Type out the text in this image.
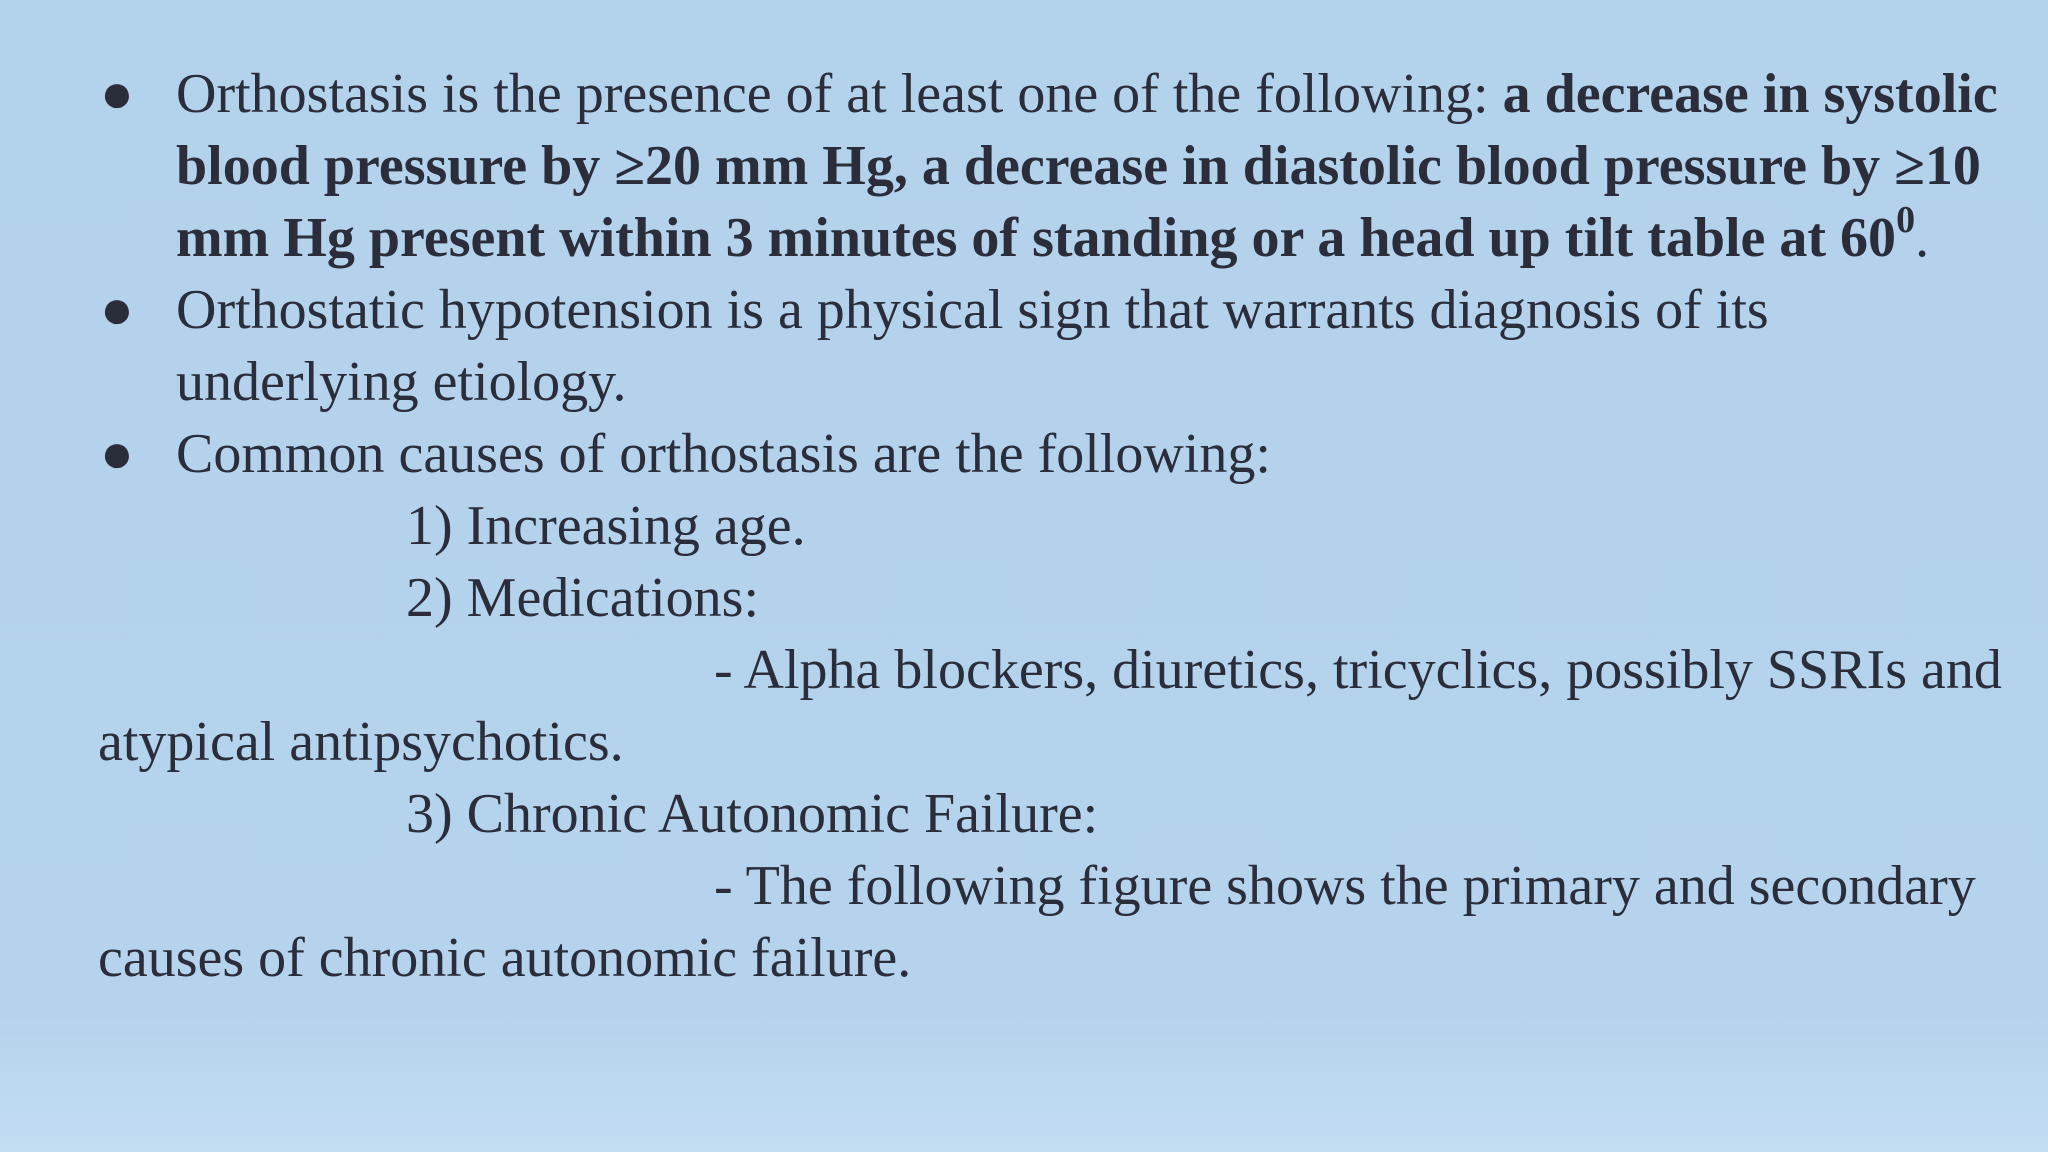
● Orthostasis is the presence of at least one of the following: a decrease in systolic blood pressure by ≥20 mm Hg, a decrease in diastolic blood pressure by ≥10 mm Hg present within 3 minutes of standing or a head up tilt table at $60^0$.
● Orthostatic hypotension is a physical sign that warrants diagnosis of its underlying etiology.
● Common causes of orthostasis are the following:
1) Increasing age.
2) Medications:
- Alpha blockers, diuretics, tricyclics, possibly SSRIs and atypical antipsychotics.
3) Chronic Autonomic Failure:
- The following figure shows the primary and secondary causes of chronic autonomic failure.
